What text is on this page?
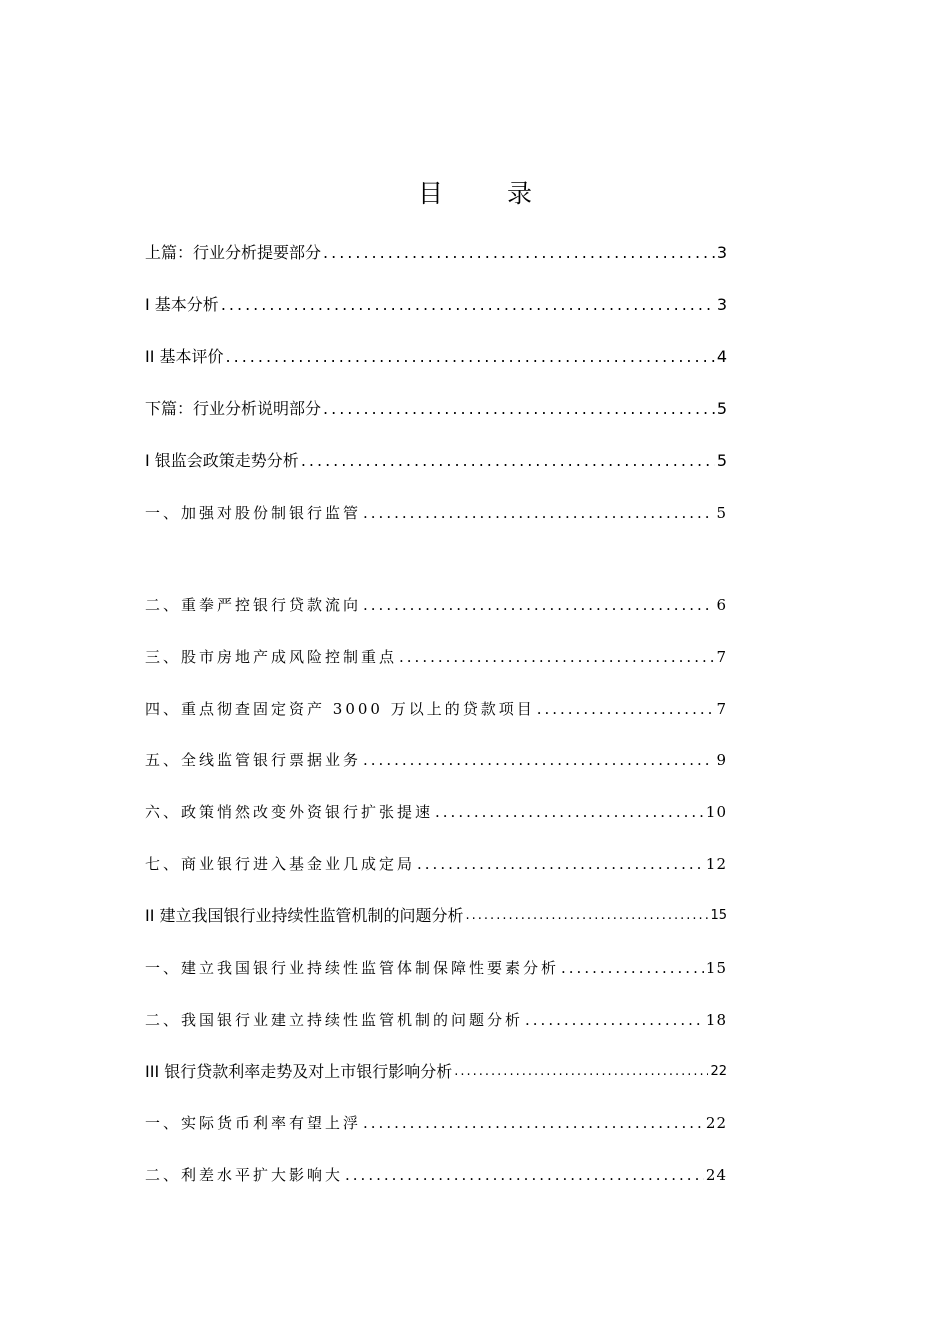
目 录
上篇：行业分析提要部分 .....	3
I 基本分析 .....	3
II 基本评价 .....	4
下篇：行业分析说明部分 .....	5
I 银监会政策走势分析 .....	5
一、加强对股份制银行监管 .....	5
二、重拳严控银行贷款流向 .....	6
三、股市房地产成风险控制重点 .....	7
四、重点彻查固定资产 3000 万以上的贷款项目 .....	7
五、全线监管银行票据业务 .....	9
六、政策悄然改变外资银行扩张提速 .....	10
七、商业银行进入基金业几成定局 .....	12
II 建立我国银行业持续性监管机制的问题分析 .....	15
一、建立我国银行业持续性监管体制保障性要素分析 .....	15
二、我国银行业建立持续性监管机制的问题分析 .....	18
III 银行贷款利率走势及对上市银行影响分析 .....	22
一、实际货币利率有望上浮 .....	22
二、利差水平扩大影响大 .....	24
